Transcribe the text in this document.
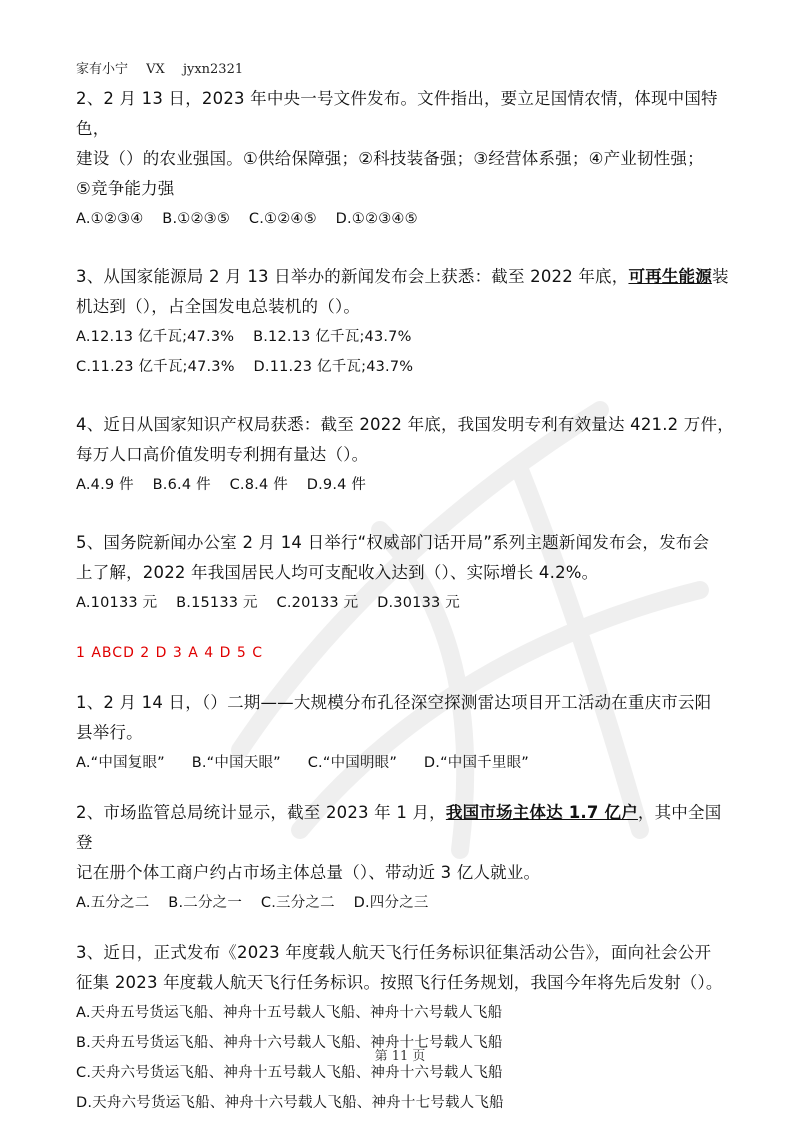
家有小宁 VX jyxn2321

2、2 月 13 日，2023 年中央一号文件发布。文件指出，要立足国情农情，体现中国特色，
建设（）的农业强国。①供给保障强；②科技装备强；③经营体系强；④产业韧性强；
⑤竞争能力强

A.①②③④ B.①②③⑤ C.①②④⑤ D.①②③④⑤

3、从国家能源局 2 月 13 日举办的新闻发布会上获悉：截至 2022 年底，可再生能源装
机达到（），占全国发电总装机的（）。

A.12.13 亿千瓦;47.3% B.12.13 亿千瓦;43.7%

C.11.23 亿千瓦;47.3% D.11.23 亿千瓦;43.7%

4、近日从国家知识产权局获悉：截至 2022 年底，我国发明专利有效量达 421.2 万件，
每万人口高价值发明专利拥有量达（）。

A.4.9 件 B.6.4 件 C.8.4 件 D.9.4 件

5、国务院新闻办公室 2 月 14 日举行“权威部门话开局”系列主题新闻发布会，发布会
上了解，2022 年我国居民人均可支配收入达到（）、实际增长 4.2%。

A.10133 元 B.15133 元 C.20133 元 D.30133 元

1 ABCD 2 D 3 A 4 D 5 C

1、2 月 14 日，（）二期——大规模分布孔径深空探测雷达项目开工活动在重庆市云阳
县举行。

A.“中国复眼” B.“中国天眼” C.“中国明眼” D.“中国千里眼”

2、市场监管总局统计显示，截至 2023 年 1 月，我国市场主体达 1.7 亿户，其中全国登
记在册个体工商户约占市场主体总量（）、带动近 3 亿人就业。

A.五分之二 B.二分之一 C.三分之二 D.四分之三

3、近日，正式发布《2023 年度载人航天飞行任务标识征集活动公告》，面向社会公开
征集 2023 年度载人航天飞行任务标识。按照飞行任务规划，我国今年将先后发射（）。

A.天舟五号货运飞船、神舟十五号载人飞船、神舟十六号载人飞船
B.天舟五号货运飞船、神舟十六号载人飞船、神舟十七号载人飞船
C.天舟六号货运飞船、神舟十五号载人飞船、神舟十六号载人飞船
D.天舟六号货运飞船、神舟十六号载人飞船、神舟十七号载人飞船

第 11 页
